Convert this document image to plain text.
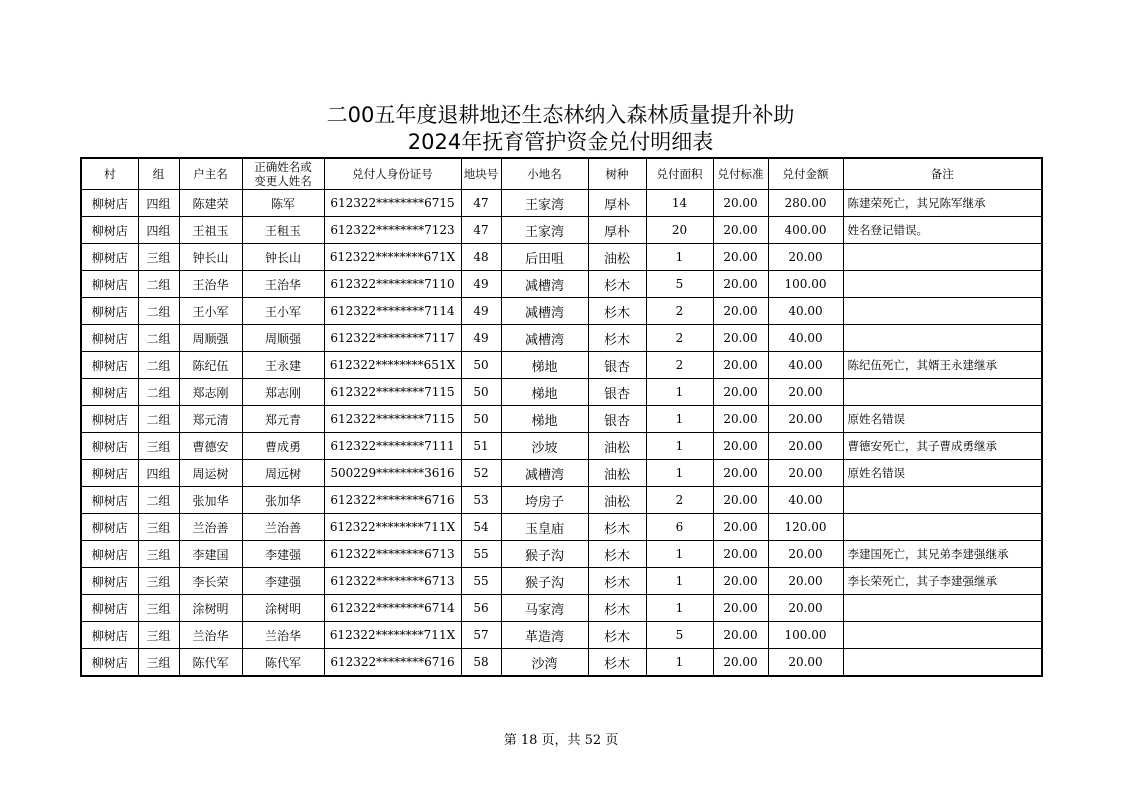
二00五年度退耕地还生态林纳入森林质量提升补助
2024年抚育管护资金兑付明细表
村	组	户主名	正确姓名或变更人姓名	兑付人身份证号	地块号	小地名	树种	兑付面积	兑付标准	兑付金额	备注
柳树店	四组	陈建荣	陈军	612322********6715	47	王家湾	厚朴	14	20.00	280.00	陈建荣死亡，其兄陈军继承
柳树店	四组	王祖玉	王租玉	612322********7123	47	王家湾	厚朴	20	20.00	400.00	姓名登记错误。
柳树店	三组	钟长山	钟长山	612322********671X	48	后田咀	油松	1	20.00	20.00	
柳树店	二组	王治华	王治华	612322********7110	49	减槽湾	杉木	5	20.00	100.00	
柳树店	二组	王小军	王小军	612322********7114	49	减槽湾	杉木	2	20.00	40.00	
柳树店	二组	周顺强	周顺强	612322********7117	49	减槽湾	杉木	2	20.00	40.00	
柳树店	二组	陈纪伍	王永建	612322********651X	50	梯地	银杏	2	20.00	40.00	陈纪伍死亡，其婿王永建继承
柳树店	二组	郑志刚	郑志刚	612322********7115	50	梯地	银杏	1	20.00	20.00	
柳树店	二组	郑元清	郑元青	612322********7115	50	梯地	银杏	1	20.00	20.00	原姓名错误
柳树店	三组	曹德安	曹成勇	612322********7111	51	沙坡	油松	1	20.00	20.00	曹德安死亡，其子曹成勇继承
柳树店	四组	周运树	周远树	500229********3616	52	减槽湾	油松	1	20.00	20.00	原姓名错误
柳树店	二组	张加华	张加华	612322********6716	53	垮房子	油松	2	20.00	40.00	
柳树店	三组	兰治善	兰治善	612322********711X	54	玉皇庙	杉木	6	20.00	120.00	
柳树店	三组	李建国	李建强	612322********6713	55	猴子沟	杉木	1	20.00	20.00	李建国死亡，其兄弟李建强继承
柳树店	三组	李长荣	李建强	612322********6713	55	猴子沟	杉木	1	20.00	20.00	李长荣死亡，其子李建强继承
柳树店	三组	涂树明	涂树明	612322********6714	56	马家湾	杉木	1	20.00	20.00	
柳树店	三组	兰治华	兰治华	612322********711X	57	革造湾	杉木	5	20.00	100.00	
柳树店	三组	陈代军	陈代军	612322********6716	58	沙湾	杉木	1	20.00	20.00	
第 18 页，共 52 页
